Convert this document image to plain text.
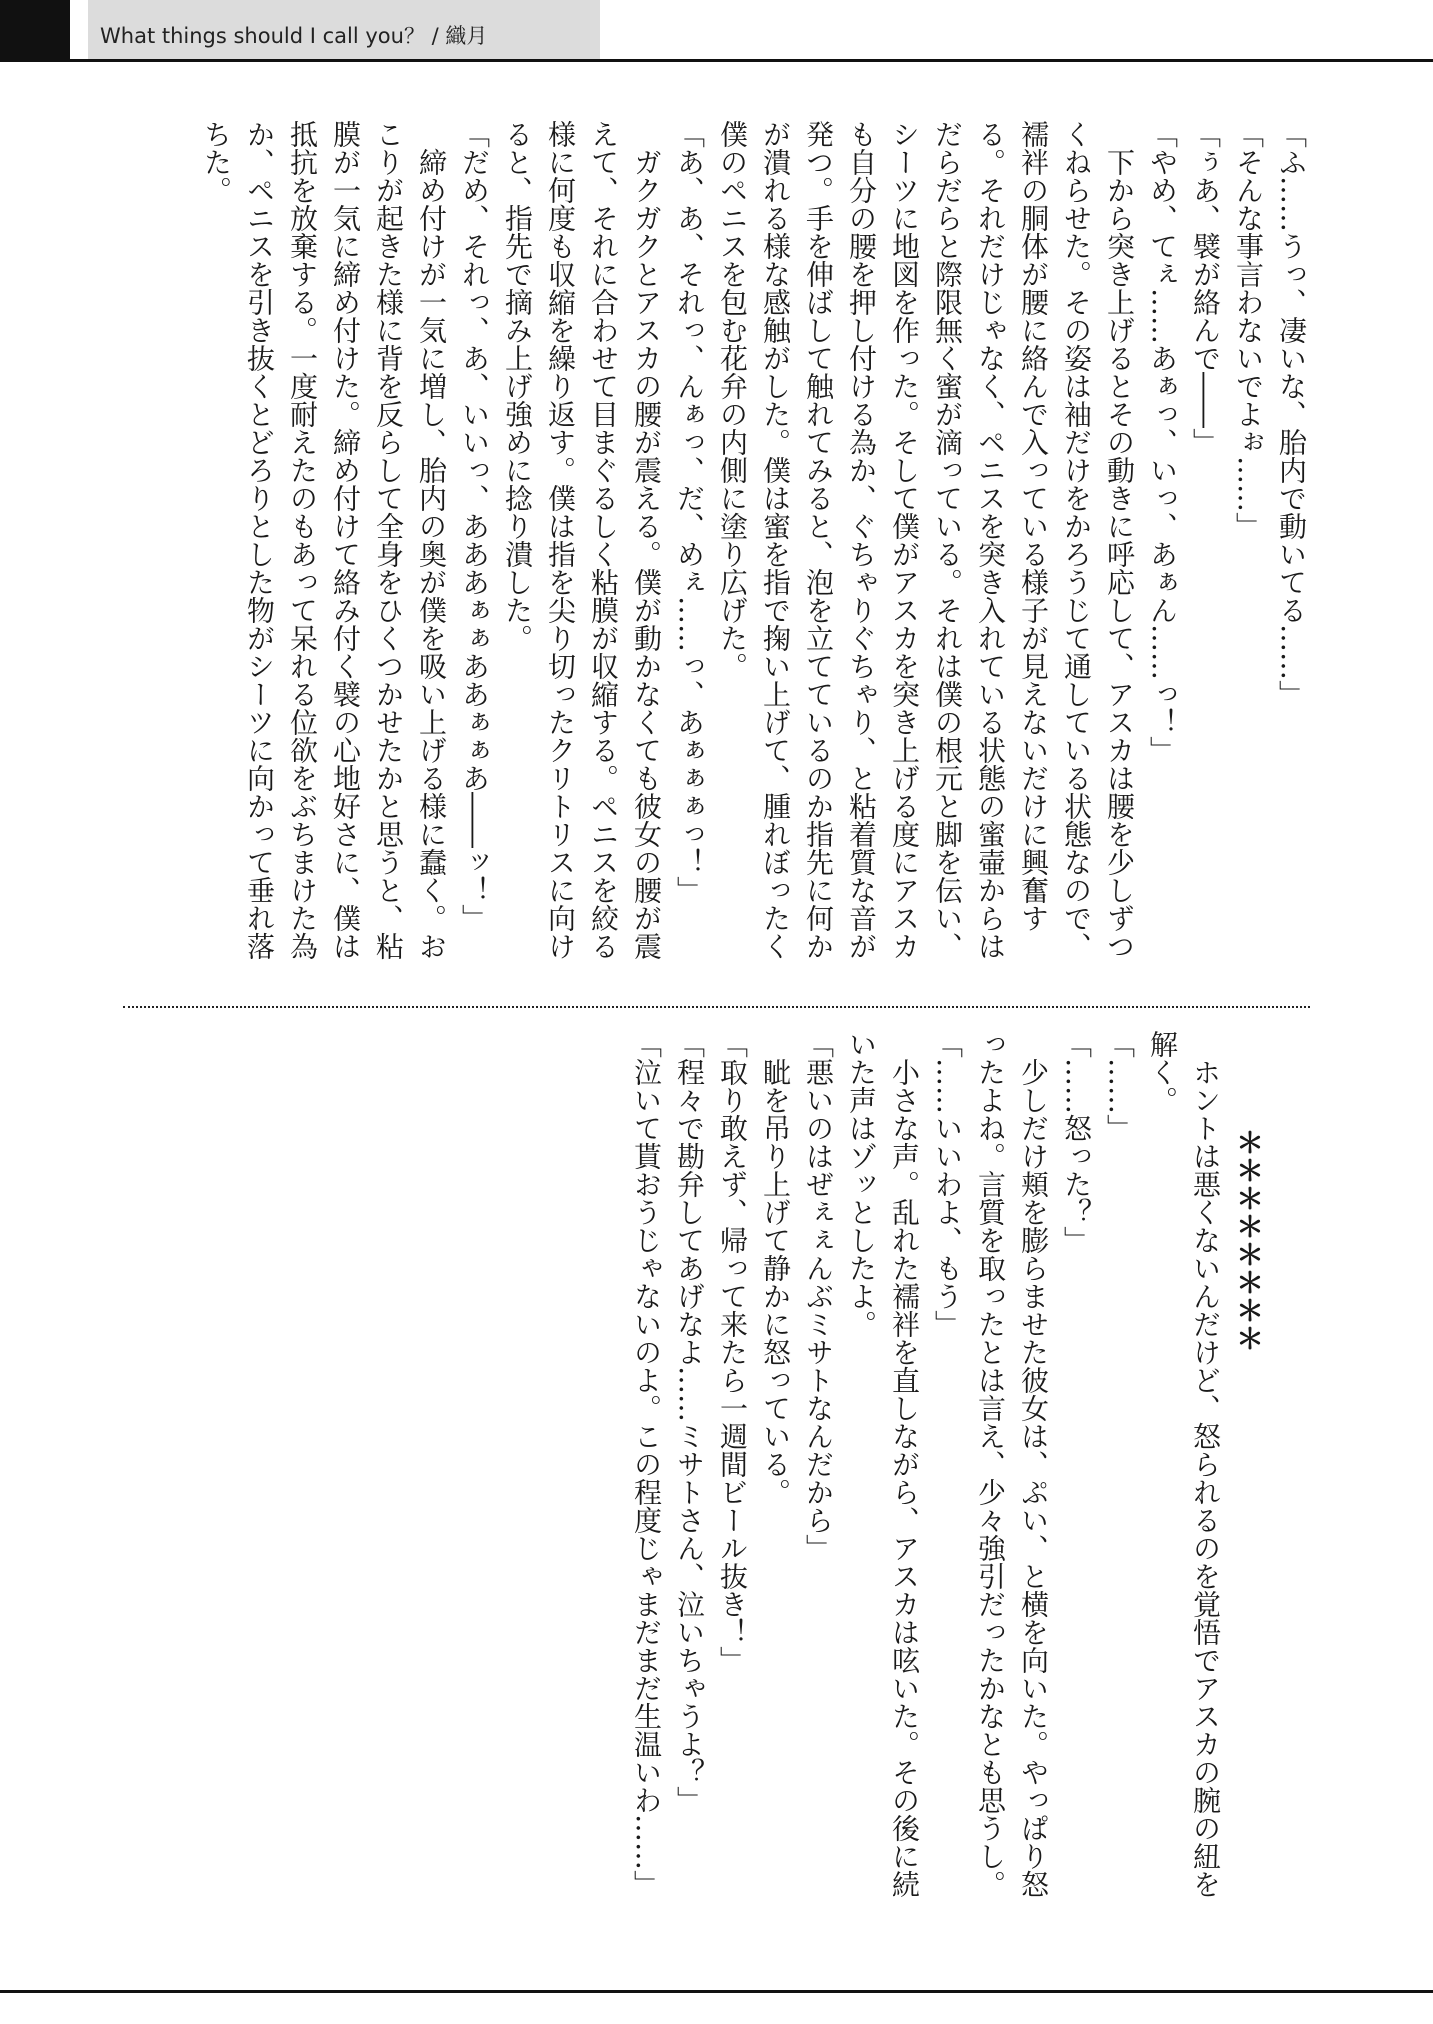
What things should I call you？ / 織月

「ふ……うっ、凄いな、胎内で動いてる……」

「そんな事言わないでよぉ……」

「ぅあ、襞が絡んで――」

「やめ、てぇ……あぁっ、いっ、あぁん……っ！」

下から突き上げるとその動きに呼応して、アスカは腰を少しずつくねらせた。その姿は袖だけをかろうじて通している状態なので、襦袢の胴体が腰に絡んで入っている様子が見えないだけに興奮する。それだけじゃなく、ペニスを突き入れている状態の蜜壷からはだらだらと際限無く蜜が滴っている。それは僕の根元と脚を伝い、シーツに地図を作った。そして僕がアスカを突き上げる度にアスカも自分の腰を押し付ける為か、ぐちゃりぐちゃり、と粘着質な音が発つ。手を伸ばして触れてみると、泡を立てているのか指先に何かが潰れる様な感触がした。僕は蜜を指で掬い上げて、腫れぼったく僕のペニスを包む花弁の内側に塗り広げた。

「あ、あ、それっ、んぁっ、だ、めぇ……っ、あぁぁぁっ！」

ガクガクとアスカの腰が震える。僕が動かなくても彼女の腰が震えて、それに合わせて目まぐるしく粘膜が収縮する。ペニスを絞る様に何度も収縮を繰り返す。僕は指を尖り切ったクリトリスに向けると、指先で摘み上げ強めに捻り潰した。

「だめ、それっ、あ、いいっ、あああぁぁああぁぁあ――ッ！」

締め付けが一気に増し、胎内の奥が僕を吸い上げる様に蠢く。おこりが起きた様に背を反らして全身をひくつかせたかと思うと、粘膜が一気に締め付けた。締め付けて絡み付く襞の心地好さに、僕は抵抗を放棄する。一度耐えたのもあって呆れる位欲をぶちまけた為か、ペニスを引き抜くとどろりとした物がシーツに向かって垂れ落ちた。

＊＊＊＊＊＊＊＊

ホントは悪くないんだけど、怒られるのを覚悟でアスカの腕の紐を解く。

「……」

「……怒った？」

少しだけ頬を膨らませた彼女は、ぷい、と横を向いた。やっぱり怒ったよね。言質を取ったとは言え、少々強引だったかなとも思うし。

「……いいわよ、もう」

小さな声。乱れた襦袢を直しながら、アスカは呟いた。その後に続いた声はゾッとしたよ。

「悪いのはぜぇぇんぶミサトなんだから」

眦を吊り上げて静かに怒っている。

「取り敢えず、帰って来たら一週間ビール抜き！」

「程々で勘弁してあげなよ……ミサトさん、泣いちゃうよ？」

「泣いて貰おうじゃないのよ。この程度じゃまだまだ生温いわ……」
